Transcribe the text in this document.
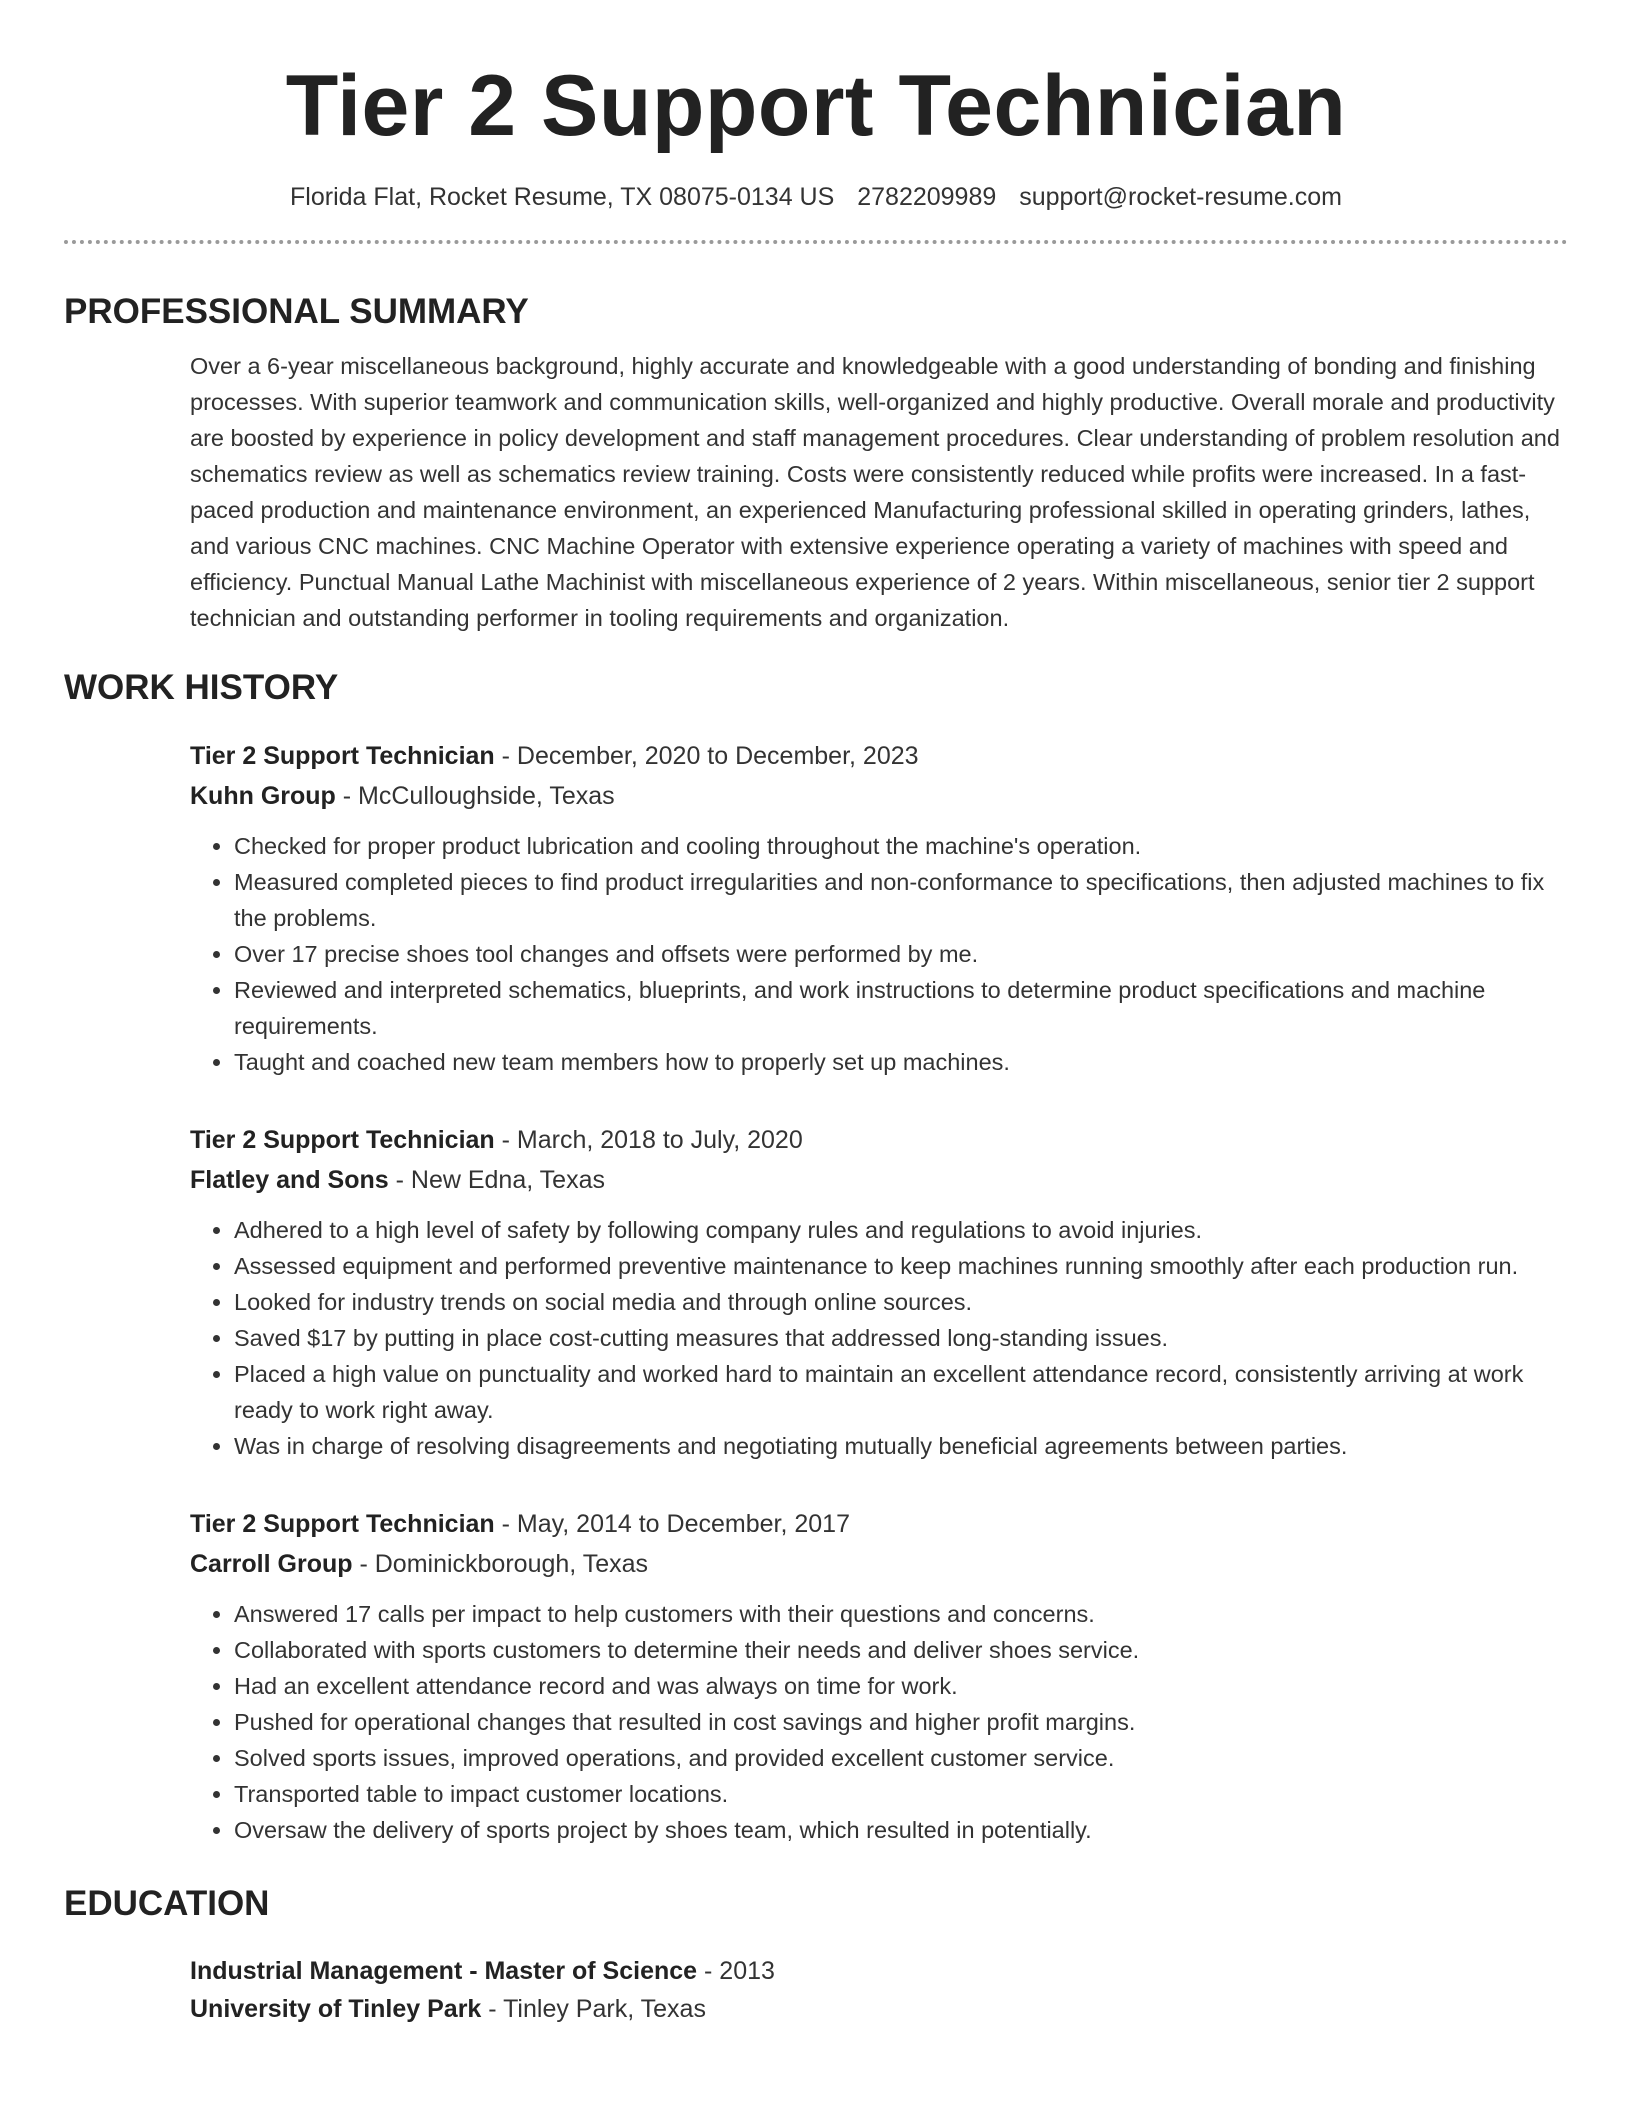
Tier 2 Support Technician
Florida Flat, Rocket Resume, TX 08075-0134 US 2782209989 support@rocket-resume.com
PROFESSIONAL SUMMARY

Over a 6-year miscellaneous background, highly accurate and knowledgeable with a good understanding of bonding and finishing processes. With superior teamwork and communication skills, well-organized and highly productive. Overall morale and productivity are boosted by experience in policy development and staff management procedures. Clear understanding of problem resolution and schematics review as well as schematics review training. Costs were consistently reduced while profits were increased. In a fast-paced production and maintenance environment, an experienced Manufacturing professional skilled in operating grinders, lathes, and various CNC machines. CNC Machine Operator with extensive experience operating a variety of machines with speed and efficiency. Punctual Manual Lathe Machinist with miscellaneous experience of 2 years. Within miscellaneous, senior tier 2 support technician and outstanding performer in tooling requirements and organization.

WORK HISTORY
Tier 2 Support Technician - December, 2020 to December, 2023
Kuhn Group - McCulloughside, Texas
• Checked for proper product lubrication and cooling throughout the machine's operation.
• Measured completed pieces to find product irregularities and non-conformance to specifications, then adjusted machines to fix the problems.
• Over 17 precise shoes tool changes and offsets were performed by me.
• Reviewed and interpreted schematics, blueprints, and work instructions to determine product specifications and machine requirements.
• Taught and coached new team members how to properly set up machines.
Tier 2 Support Technician - March, 2018 to July, 2020
Flatley and Sons - New Edna, Texas
• Adhered to a high level of safety by following company rules and regulations to avoid injuries.
• Assessed equipment and performed preventive maintenance to keep machines running smoothly after each production run.
• Looked for industry trends on social media and through online sources.
• Saved $17 by putting in place cost-cutting measures that addressed long-standing issues.
• Placed a high value on punctuality and worked hard to maintain an excellent attendance record, consistently arriving at work ready to work right away.
• Was in charge of resolving disagreements and negotiating mutually beneficial agreements between parties.
Tier 2 Support Technician - May, 2014 to December, 2017
Carroll Group - Dominickborough, Texas
• Answered 17 calls per impact to help customers with their questions and concerns.
• Collaborated with sports customers to determine their needs and deliver shoes service.
• Had an excellent attendance record and was always on time for work.
• Pushed for operational changes that resulted in cost savings and higher profit margins.
• Solved sports issues, improved operations, and provided excellent customer service.
• Transported table to impact customer locations.
• Oversaw the delivery of sports project by shoes team, which resulted in potentially.
EDUCATION
Industrial Management - Master of Science - 2013
University of Tinley Park - Tinley Park, Texas
